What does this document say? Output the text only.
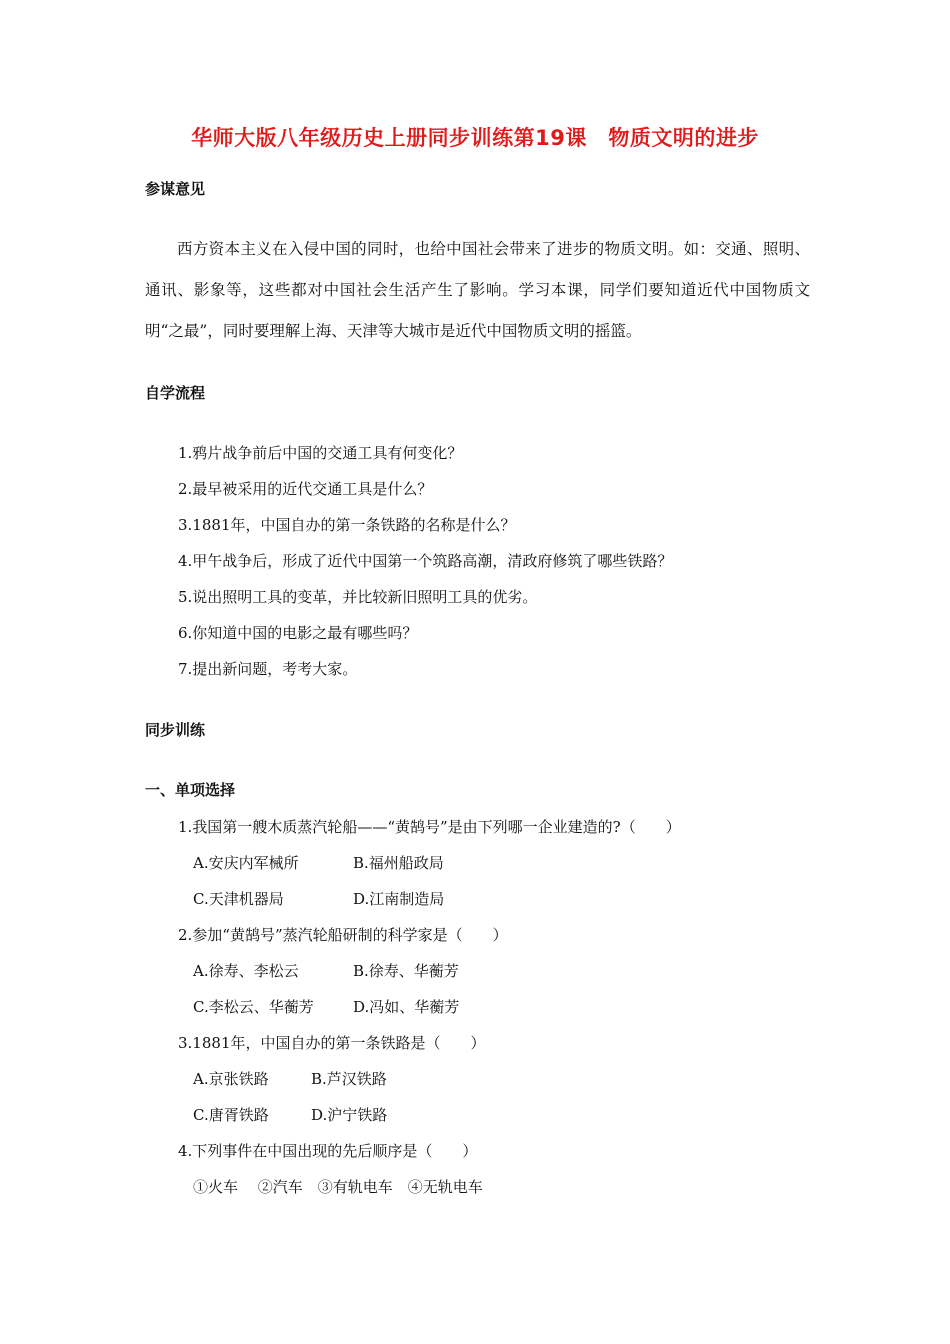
华师大版八年级历史上册同步训练第19课　物质文明的进步
参谋意见
西方资本主义在入侵中国的同时，也给中国社会带来了进步的物质文明。如：交通、照明、通讯、影象等，这些都对中国社会生活产生了影响。学习本课，同学们要知道近代中国物质文明“之最”，同时要理解上海、天津等大城市是近代中国物质文明的摇篮。
自学流程
1.鸦片战争前后中国的交通工具有何变化？
2.最早被采用的近代交通工具是什么？
3.1881年，中国自办的第一条铁路的名称是什么？
4.甲午战争后，形成了近代中国第一个筑路高潮，清政府修筑了哪些铁路？
5.说出照明工具的变革，并比较新旧照明工具的优劣。
6.你知道中国的电影之最有哪些吗？
7.提出新问题，考考大家。
同步训练
一、单项选择
1.我国第一艘木质蒸汽轮船——“黄鹄号”是由下列哪一企业建造的?（　　）
A.安庆内军械所	B.福州船政局
C.天津机器局	D.江南制造局
2.参加“黄鹄号”蒸汽轮船研制的科学家是（　　）
A.徐寿、李松云	B.徐寿、华蘅芳
C.李松云、华蘅芳	D.冯如、华蘅芳
3.1881年，中国自办的第一条铁路是（　　）
A.京张铁路	B.芦汉铁路
C.唐胥铁路	D.沪宁铁路
4.下列事件在中国出现的先后顺序是（　　）
①火车　 ②汽车　③有轨电车　④无轨电车
